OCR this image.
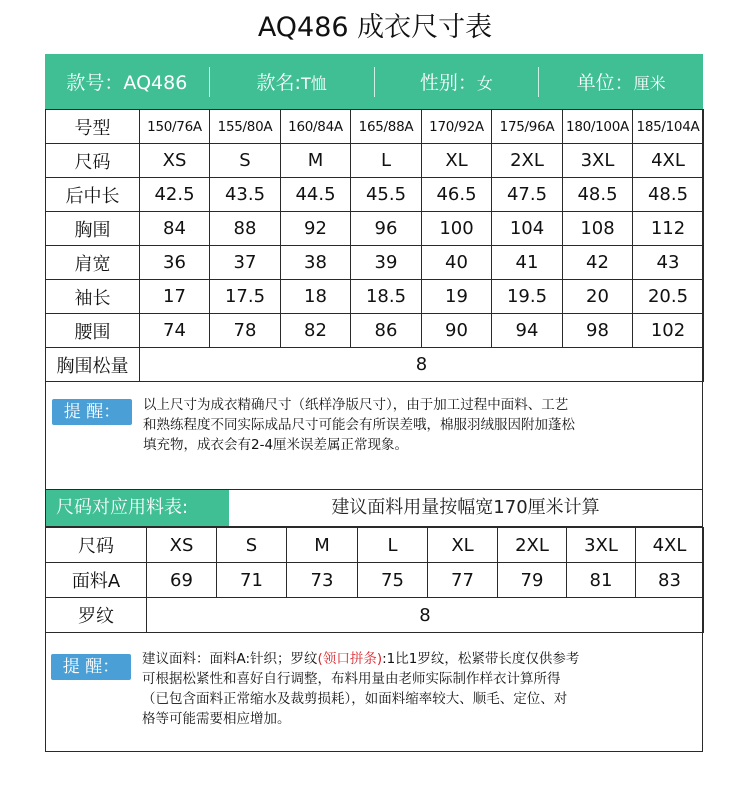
AQ486 成衣尺寸表
款号：AQ486	款名:T恤	性别：女	单位：厘米
号型	150/76A	155/80A	160/84A	165/88A	170/92A	175/96A	180/100A	185/104A
尺码	XS	S	M	L	XL	2XL	3XL	4XL
后中长	42.5	43.5	44.5	45.5	46.5	47.5	48.5	48.5
胸围	84	88	92	96	100	104	108	112
肩宽	36	37	38	39	40	41	42	43
袖长	17	17.5	18	18.5	19	19.5	20	20.5
腰围	74	78	82	86	90	94	98	102
胸围松量	8							
提 醒：	以上尺寸为成衣精确尺寸（纸样净版尺寸），由于加工过程中面料、工艺
和熟练程度不同实际成品尺寸可能会有所误差哦，棉服羽绒服因附加蓬松
填充物，成衣会有2-4厘米误差属正常现象。
尺码对应用料表:	建议面料用量按幅宽170厘米计算
尺码	XS	S	M	L	XL	2XL	3XL	4XL
面料A	69	71	73	75	77	79	81	83
罗纹	8							
提 醒：	建议面料：面料A:针织；罗纹(领口拼条):1比1罗纹，松紧带长度仅供参考
可根据松紧性和喜好自行调整，布料用量由老师实际制作样衣计算所得
（已包含面料正常缩水及裁剪损耗），如面料缩率较大、顺毛、定位、对
格等可能需要相应增加。
